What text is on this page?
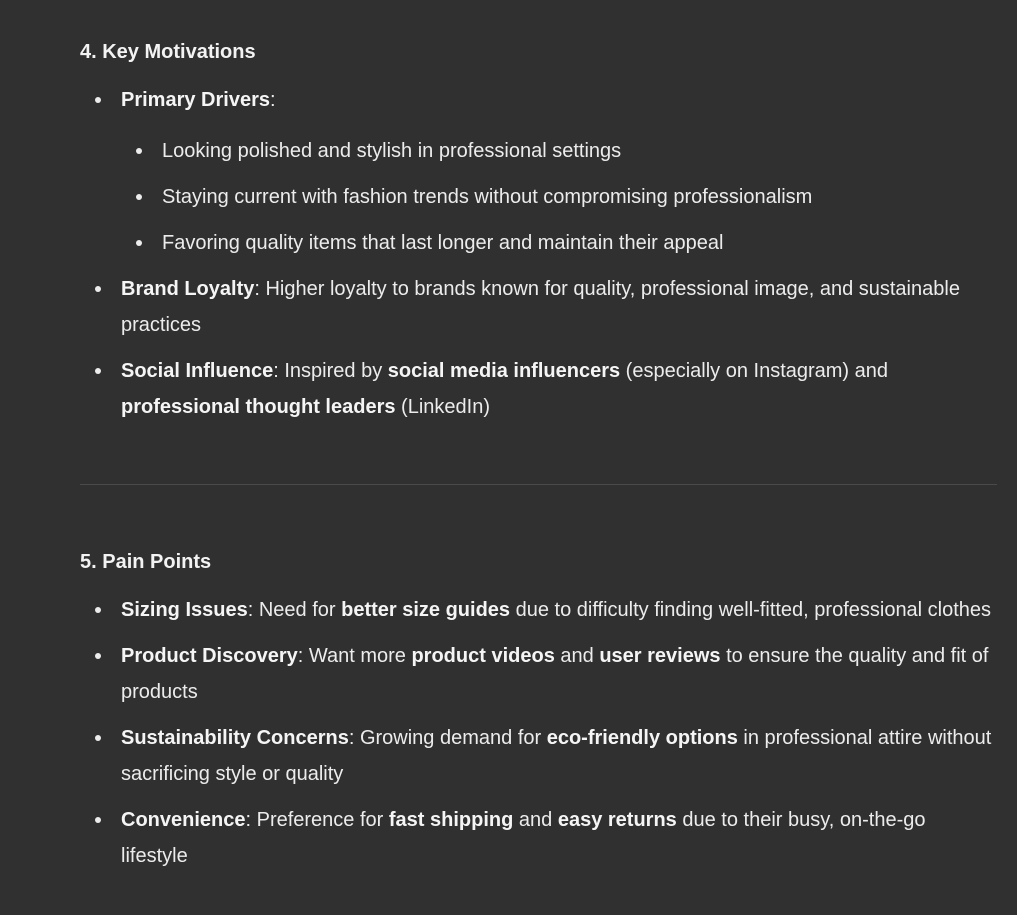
4. Key Motivations
Primary Drivers:
Looking polished and stylish in professional settings
Staying current with fashion trends without compromising professionalism
Favoring quality items that last longer and maintain their appeal
Brand Loyalty: Higher loyalty to brands known for quality, professional image, and sustainable practices
Social Influence: Inspired by social media influencers (especially on Instagram) and professional thought leaders (LinkedIn)
5. Pain Points
Sizing Issues: Need for better size guides due to difficulty finding well-fitted, professional clothes
Product Discovery: Want more product videos and user reviews to ensure the quality and fit of products
Sustainability Concerns: Growing demand for eco-friendly options in professional attire without sacrificing style or quality
Convenience: Preference for fast shipping and easy returns due to their busy, on-the-go lifestyle
